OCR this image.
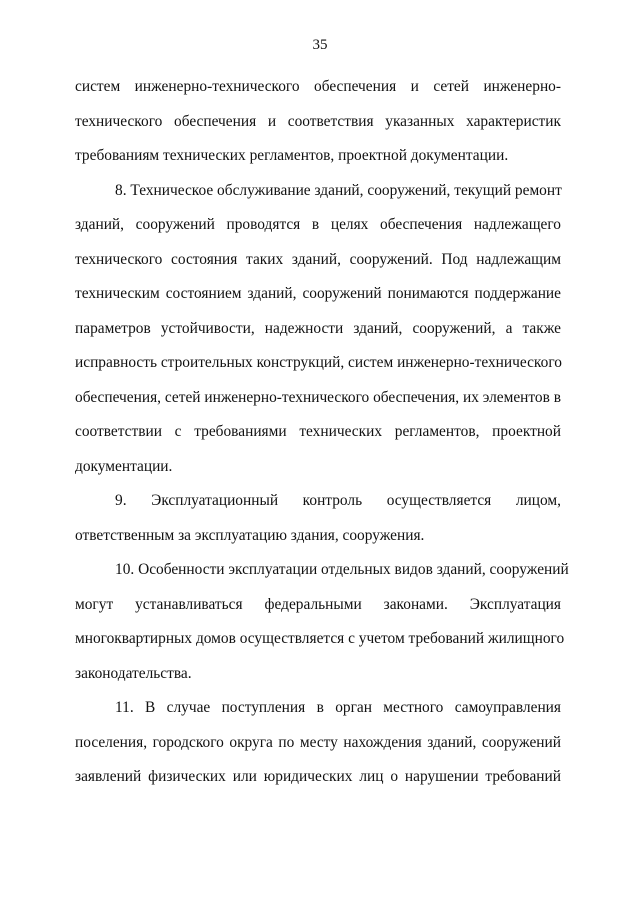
35
систем инженерно-технического обеспечения и сетей инженерно-
технического обеспечения и соответствия указанных характеристик
требованиям технических регламентов, проектной документации.
8. Техническое обслуживание зданий, сооружений, текущий ремонт
зданий, сооружений проводятся в целях обеспечения надлежащего
технического состояния таких зданий, сооружений. Под надлежащим
техническим состоянием зданий, сооружений понимаются поддержание
параметров устойчивости, надежности зданий, сооружений, а также
исправность строительных конструкций, систем инженерно-технического
обеспечения, сетей инженерно-технического обеспечения, их элементов в
соответствии с требованиями технических регламентов, проектной
документации.
9. Эксплуатационный контроль осуществляется лицом,
ответственным за эксплуатацию здания, сооружения.
10. Особенности эксплуатации отдельных видов зданий, сооружений
могут устанавливаться федеральными законами. Эксплуатация
многоквартирных домов осуществляется с учетом требований жилищного
законодательства.
11. В случае поступления в орган местного самоуправления
поселения, городского округа по месту нахождения зданий, сооружений
заявлений физических или юридических лиц о нарушении требований
